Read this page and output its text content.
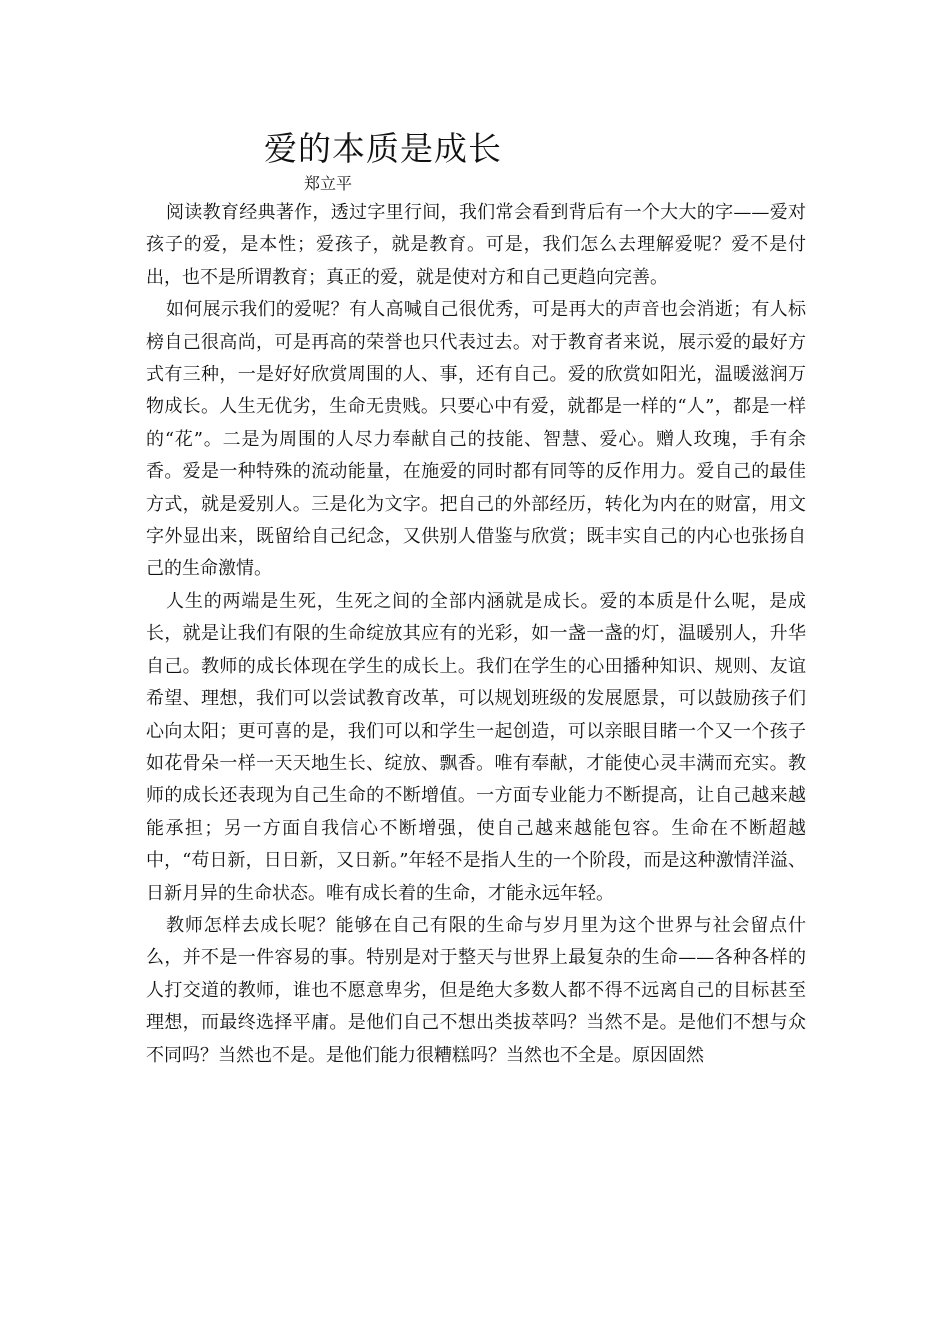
爱的本质是成长
郑立平

阅读教育经典著作，透过字里行间，我们常会看到背后有一个大大的字——爱对孩子的爱，是本性；爱孩子，就是教育。可是，我们怎么去理解爱呢？爱不是付出，也不是所谓教育；真正的爱，就是使对方和自己更趋向完善。

如何展示我们的爱呢？有人高喊自己很优秀，可是再大的声音也会消逝；有人标榜自己很高尚，可是再高的荣誉也只代表过去。对于教育者来说，展示爱的最好方式有三种，一是好好欣赏周围的人、事，还有自己。爱的欣赏如阳光，温暖滋润万物成长。人生无优劣，生命无贵贱。只要心中有爱，就都是一样的“人”，都是一样的“花”。二是为周围的人尽力奉献自己的技能、智慧、爱心。赠人玫瑰，手有余香。爱是一种特殊的流动能量，在施爱的同时都有同等的反作用力。爱自己的最佳方式，就是爱别人。三是化为文字。把自己的外部经历，转化为内在的财富，用文字外显出来，既留给自己纪念，又供别人借鉴与欣赏；既丰实自己的内心也张扬自己的生命激情。

人生的两端是生死，生死之间的全部内涵就是成长。爱的本质是什么呢，是成长，就是让我们有限的生命绽放其应有的光彩，如一盏一盏的灯，温暖别人，升华自己。教师的成长体现在学生的成长上。我们在学生的心田播种知识、规则、友谊希望、理想，我们可以尝试教育改革，可以规划班级的发展愿景，可以鼓励孩子们心向太阳；更可喜的是，我们可以和学生一起创造，可以亲眼目睹一个又一个孩子如花骨朵一样一天天地生长、绽放、飘香。唯有奉献，才能使心灵丰满而充实。教师的成长还表现为自己生命的不断增值。一方面专业能力不断提高，让自己越来越能承担；另一方面自我信心不断增强，使自己越来越能包容。生命在不断超越中，“苟日新，日日新，又日新。”年轻不是指人生的一个阶段，而是这种激情洋溢、日新月异的生命状态。唯有成长着的生命，才能永远年轻。

教师怎样去成长呢？能够在自己有限的生命与岁月里为这个世界与社会留点什么，并不是一件容易的事。特别是对于整天与世界上最复杂的生命——各种各样的人打交道的教师，谁也不愿意卑劣，但是绝大多数人都不得不远离自己的目标甚至理想，而最终选择平庸。是他们自己不想出类拔萃吗？当然不是。是他们不想与众不同吗？当然也不是。是他们能力很糟糕吗？当然也不全是。原因固然
